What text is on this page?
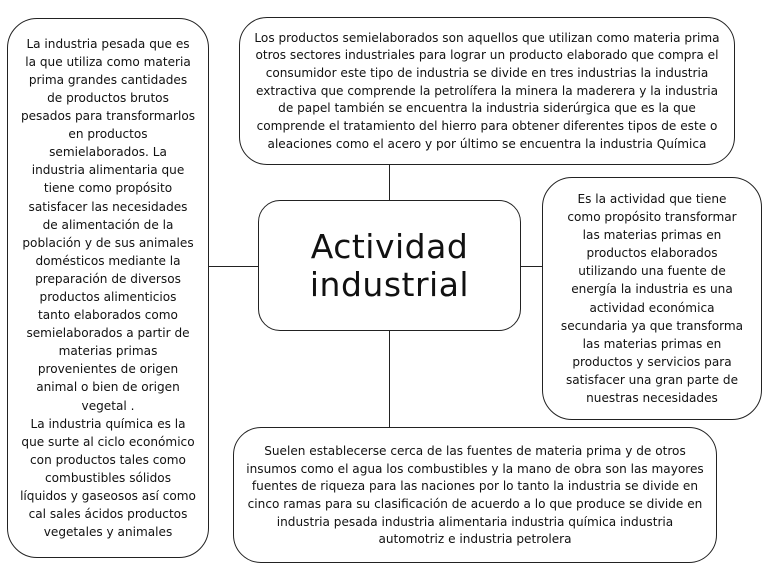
Los productos semielaborados son aquellos que utilizan como materia prima
otros sectores industriales para lograr un producto elaborado que compra el
consumidor este tipo de industria se divide en tres industrias la industria
extractiva que comprende la petrolífera la minera la maderera y la industria
de papel también se encuentra la industria siderúrgica que es la que
comprende el tratamiento del hierro para obtener diferentes tipos de este o
aleaciones como el acero y por último se encuentra la industria Química
La industria pesada que es
la que utiliza como materia
prima grandes cantidades
de productos brutos
pesados para transformarlos
en productos
semielaborados. La
industria alimentaria que
tiene como propósito
satisfacer las necesidades
de alimentación de la
población y de sus animales
domésticos mediante la
preparación de diversos
productos alimenticios
tanto elaborados como
semielaborados a partir de
materias primas
provenientes de origen
animal o bien de origen
vegetal .
La industria química es la
que surte al ciclo económico
con productos tales como
combustibles sólidos
líquidos y gaseosos así como
cal sales ácidos productos
vegetales y animales
Actividad
industrial
Es la actividad que tiene
como propósito transformar
las materias primas en
productos elaborados
utilizando una fuente de
energía la industria es una
actividad económica
secundaria ya que transforma
las materias primas en
productos y servicios para
satisfacer una gran parte de
nuestras necesidades
Suelen establecerse cerca de las fuentes de materia prima y de otros
insumos como el agua los combustibles y la mano de obra son las mayores
fuentes de riqueza para las naciones por lo tanto la industria se divide en
cinco ramas para su clasificación de acuerdo a lo que produce se divide en
industria pesada industria alimentaria industria química industria
automotriz e industria petrolera
